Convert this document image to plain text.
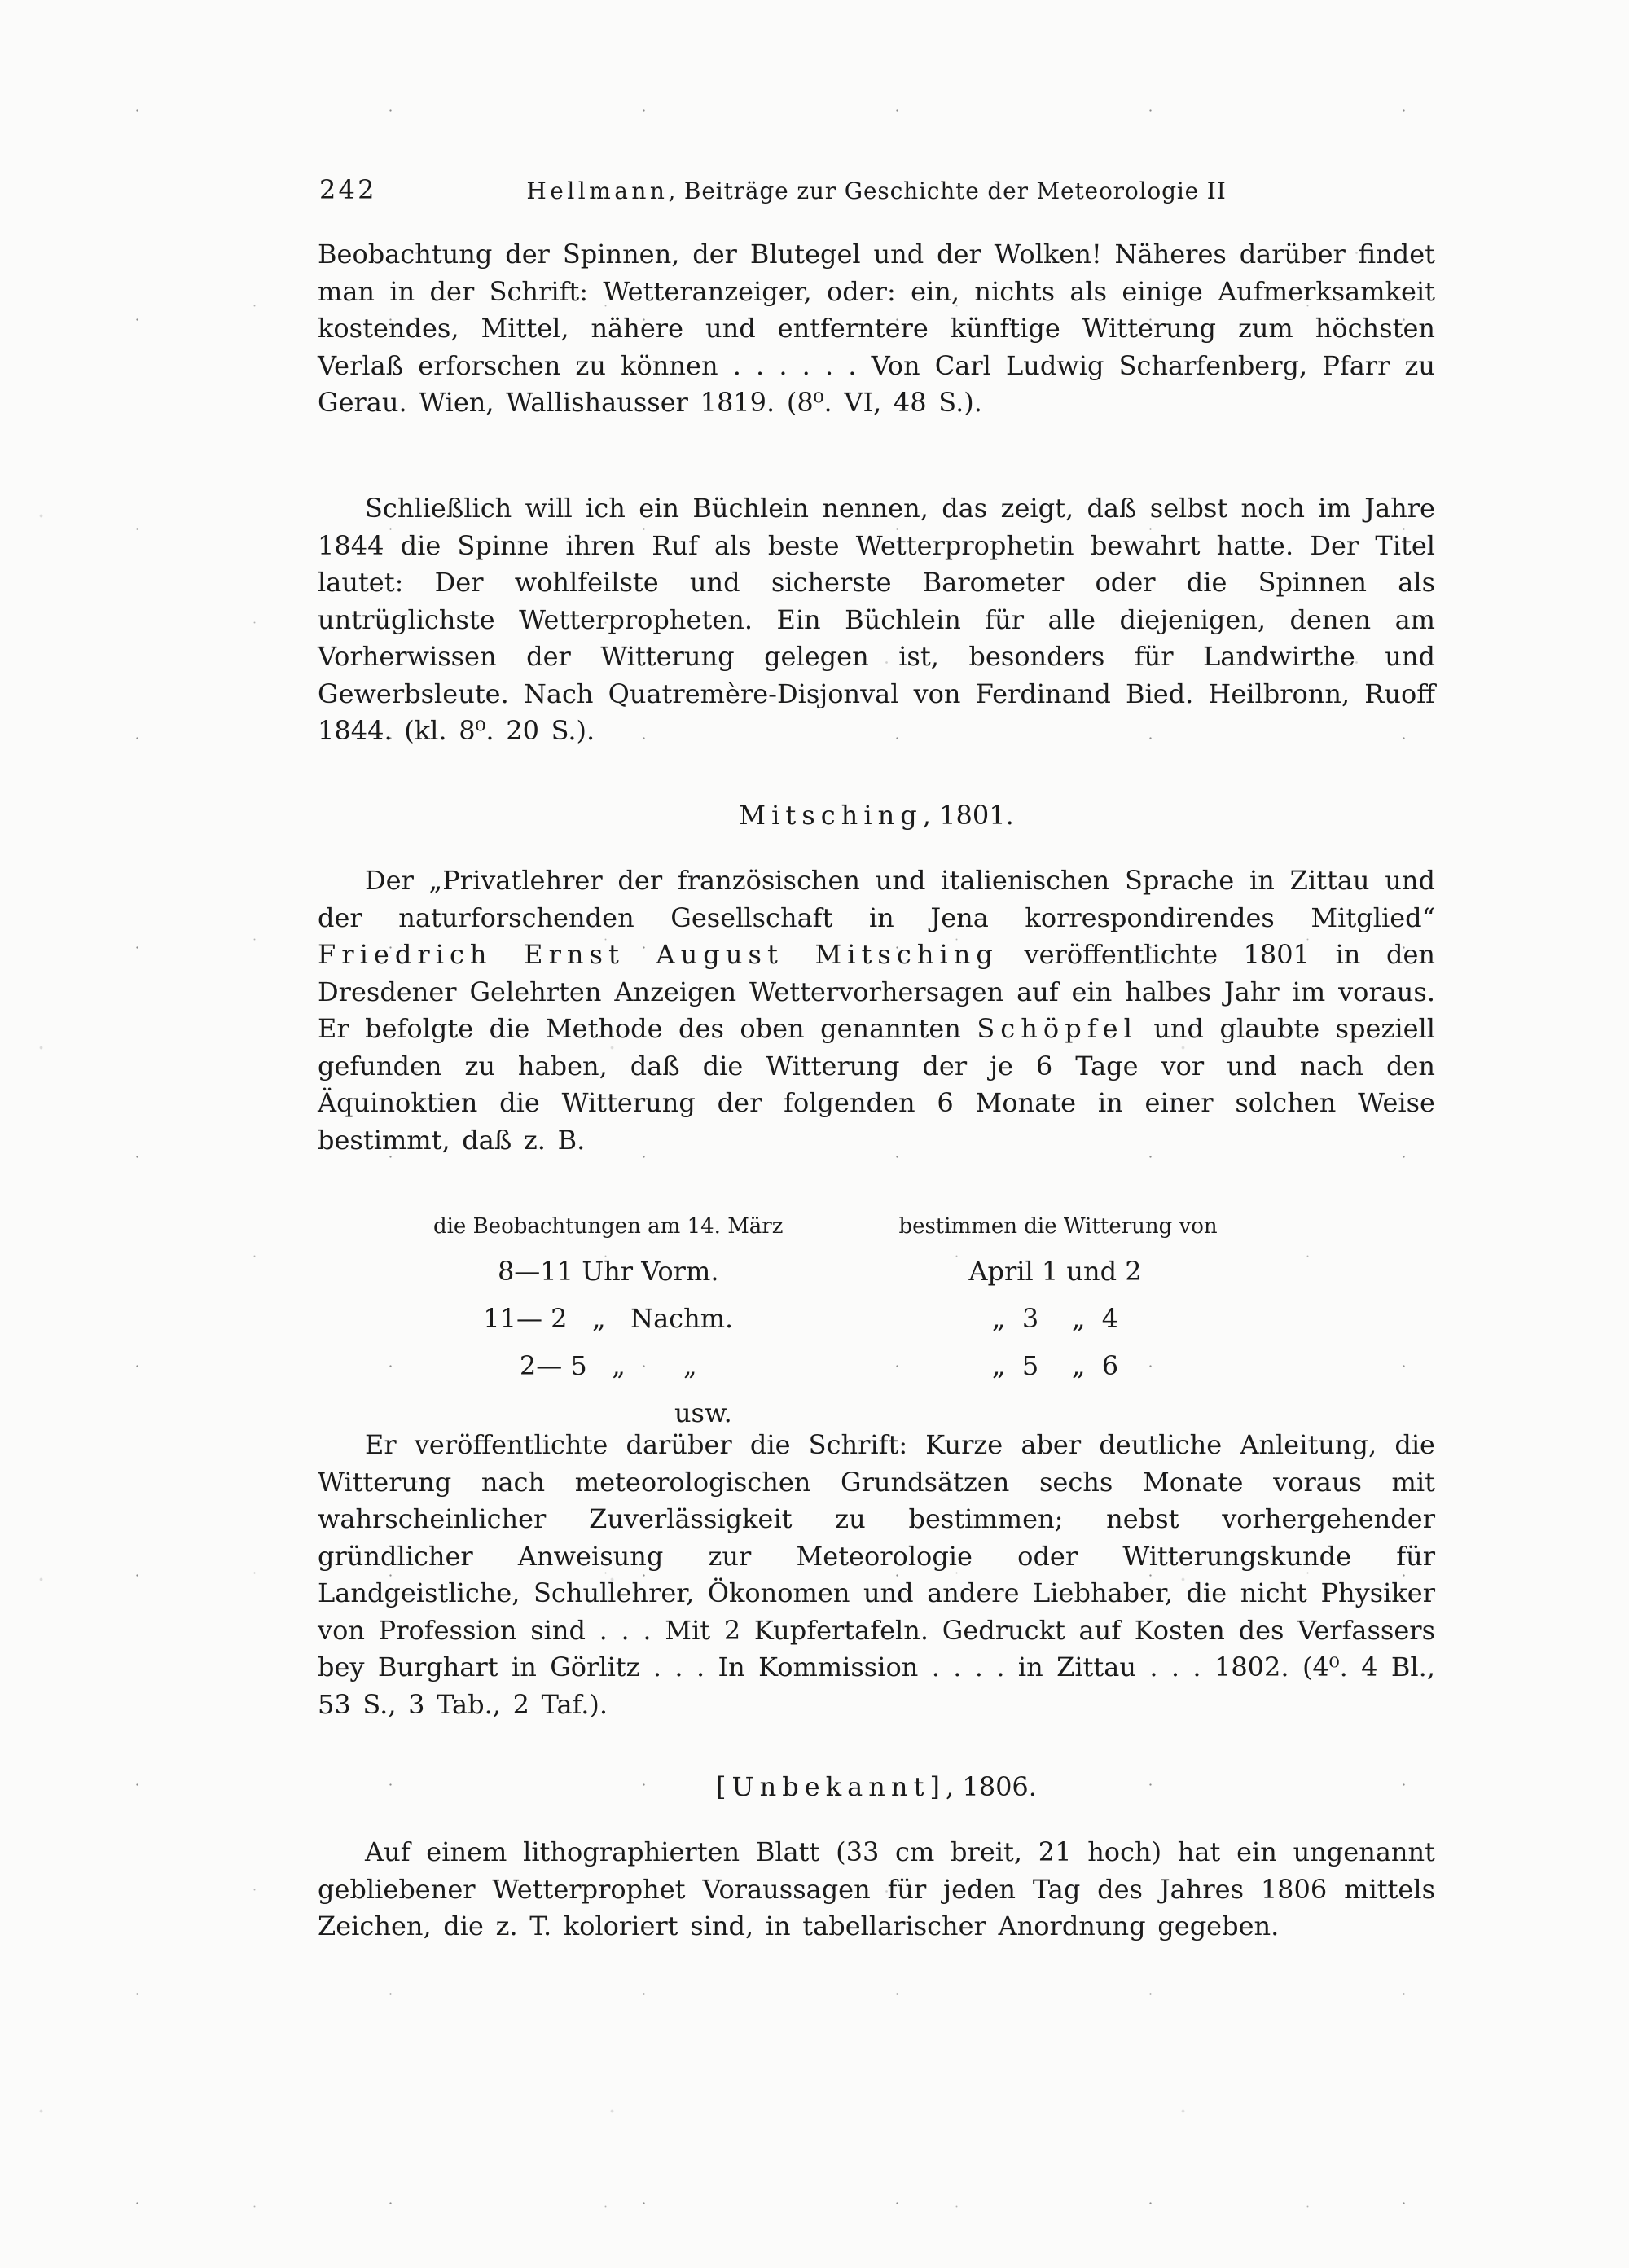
242	Hellmann, Beiträge zur Geschichte der Meteorologie II

Beobachtung der Spinnen, der Blutegel und der Wolken! Näheres darüber findet man in der Schrift: Wetteranzeiger, oder: ein, nichts als einige Aufmerksamkeit kostendes, Mittel, nähere und entferntere künftige Witterung zum höchsten Verlaß erforschen zu können . . . . . . Von Carl Ludwig Scharfenberg, Pfarr zu Gerau. Wien, Wallishausser 1819. (8⁰. VI, 48 S.).

Schließlich will ich ein Büchlein nennen, das zeigt, daß selbst noch im Jahre 1844 die Spinne ihren Ruf als beste Wetterprophetin bewahrt hatte. Der Titel lautet: Der wohlfeilste und sicherste Barometer oder die Spinnen als untrüglichste Wetterpropheten. Ein Büchlein für alle diejenigen, denen am Vorherwissen der Witterung gelegen ist, besonders für Landwirthe und Gewerbsleute. Nach Quatremère-Disjonval von Ferdinand Bied. Heilbronn, Ruoff 1844. (kl. 8⁰. 20 S.).

Mitsching, 1801.

Der „Privatlehrer der französischen und italienischen Sprache in Zittau und der naturforschenden Gesellschaft in Jena korrespondirendes Mitglied“ Friedrich Ernst August Mitsching veröffentlichte 1801 in den Dresdener Gelehrten Anzeigen Wettervorhersagen auf ein halbes Jahr im voraus. Er befolgte die Methode des oben genannten Schöpfel und glaubte speziell gefunden zu haben, daß die Witterung der je 6 Tage vor und nach den Äquinoktien die Witterung der folgenden 6 Monate in einer solchen Weise bestimmt, daß z. B.

die Beobachtungen am 14. März	bestimmen die Witterung von
8—11 Uhr Vorm.	April 1 und 2
11— 2   „   Nachm.	„  3    „  4
2— 5   „       „	„  5    „  6
usw.

Er veröffentlichte darüber die Schrift: Kurze aber deutliche Anleitung, die Witterung nach meteorologischen Grundsätzen sechs Monate voraus mit wahrscheinlicher Zuverlässigkeit zu bestimmen; nebst vorhergehender gründlicher Anweisung zur Meteorologie oder Witterungskunde für Landgeistliche, Schullehrer, Ökonomen und andere Liebhaber, die nicht Physiker von Profession sind . . . Mit 2 Kupfertafeln. Gedruckt auf Kosten des Verfassers bey Burghart in Görlitz . . . In Kommission . . . . in Zittau . . . 1802. (4⁰. 4 Bl., 53 S., 3 Tab., 2 Taf.).

[Unbekannt], 1806.

Auf einem lithographierten Blatt (33 cm breit, 21 hoch) hat ein ungenannt gebliebener Wetterprophet Voraussagen für jeden Tag des Jahres 1806 mittels Zeichen, die z. T. koloriert sind, in tabellarischer Anordnung gegeben.
